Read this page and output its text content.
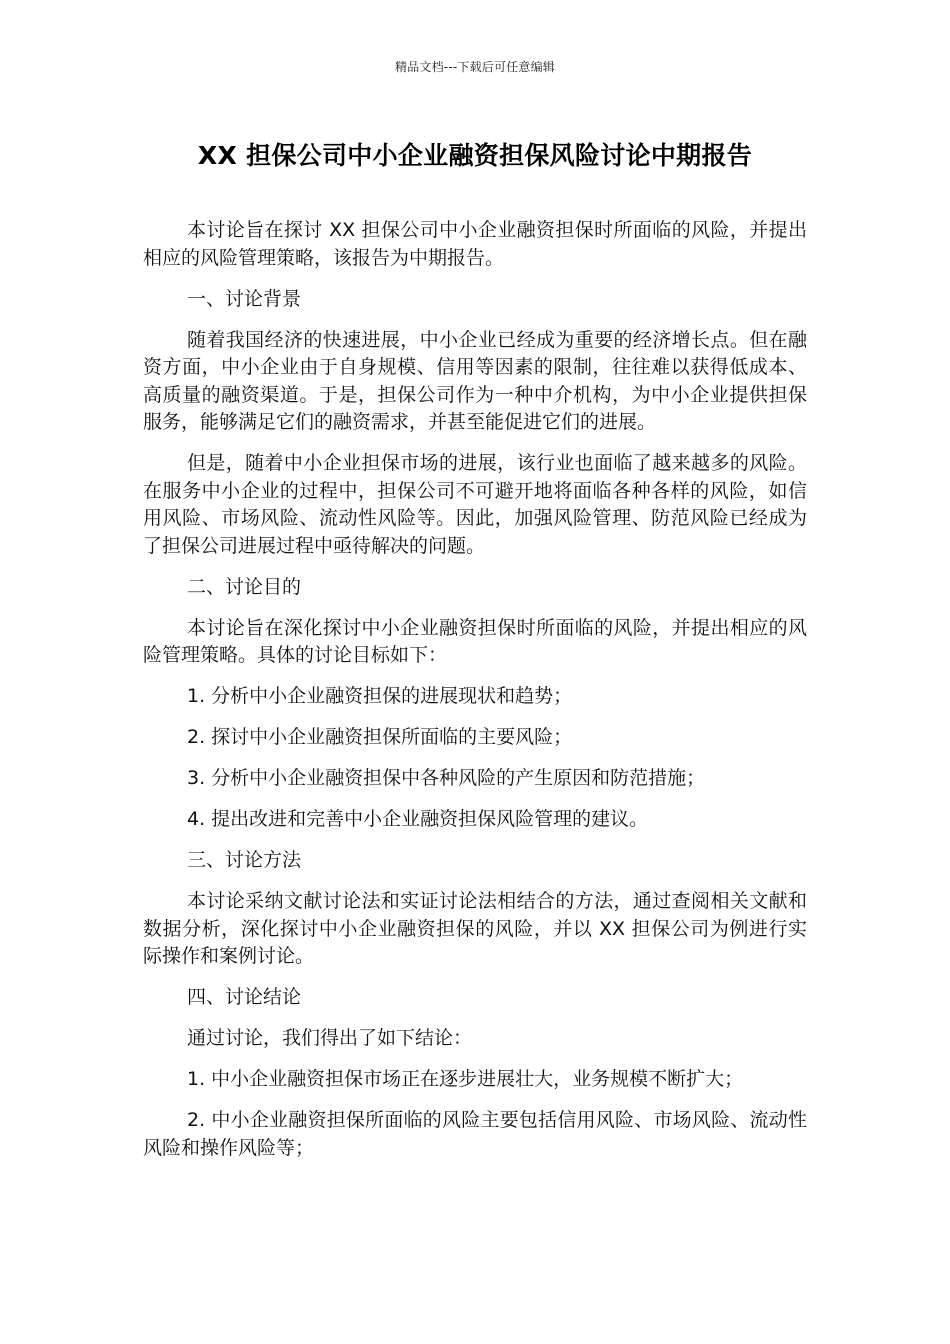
精品文档---下载后可任意编辑
XX 担保公司中小企业融资担保风险讨论中期报告

本讨论旨在探讨 XX 担保公司中小企业融资担保时所面临的风险，并提出相应的风险管理策略，该报告为中期报告。

一、讨论背景

随着我国经济的快速进展，中小企业已经成为重要的经济增长点。但在融资方面，中小企业由于自身规模、信用等因素的限制，往往难以获得低成本、高质量的融资渠道。于是，担保公司作为一种中介机构，为中小企业提供担保服务，能够满足它们的融资需求，并甚至能促进它们的进展。

但是，随着中小企业担保市场的进展，该行业也面临了越来越多的风险。在服务中小企业的过程中，担保公司不可避开地将面临各种各样的风险，如信用风险、市场风险、流动性风险等。因此，加强风险管理、防范风险已经成为了担保公司进展过程中亟待解决的问题。

二、讨论目的

本讨论旨在深化探讨中小企业融资担保时所面临的风险，并提出相应的风险管理策略。具体的讨论目标如下：

1. 分析中小企业融资担保的进展现状和趋势；

2. 探讨中小企业融资担保所面临的主要风险；

3. 分析中小企业融资担保中各种风险的产生原因和防范措施；

4. 提出改进和完善中小企业融资担保风险管理的建议。

三、讨论方法

本讨论采纳文献讨论法和实证讨论法相结合的方法，通过查阅相关文献和数据分析，深化探讨中小企业融资担保的风险，并以 XX 担保公司为例进行实际操作和案例讨论。

四、讨论结论

通过讨论，我们得出了如下结论：

1. 中小企业融资担保市场正在逐步进展壮大，业务规模不断扩大；

2. 中小企业融资担保所面临的风险主要包括信用风险、市场风险、流动性风险和操作风险等；
